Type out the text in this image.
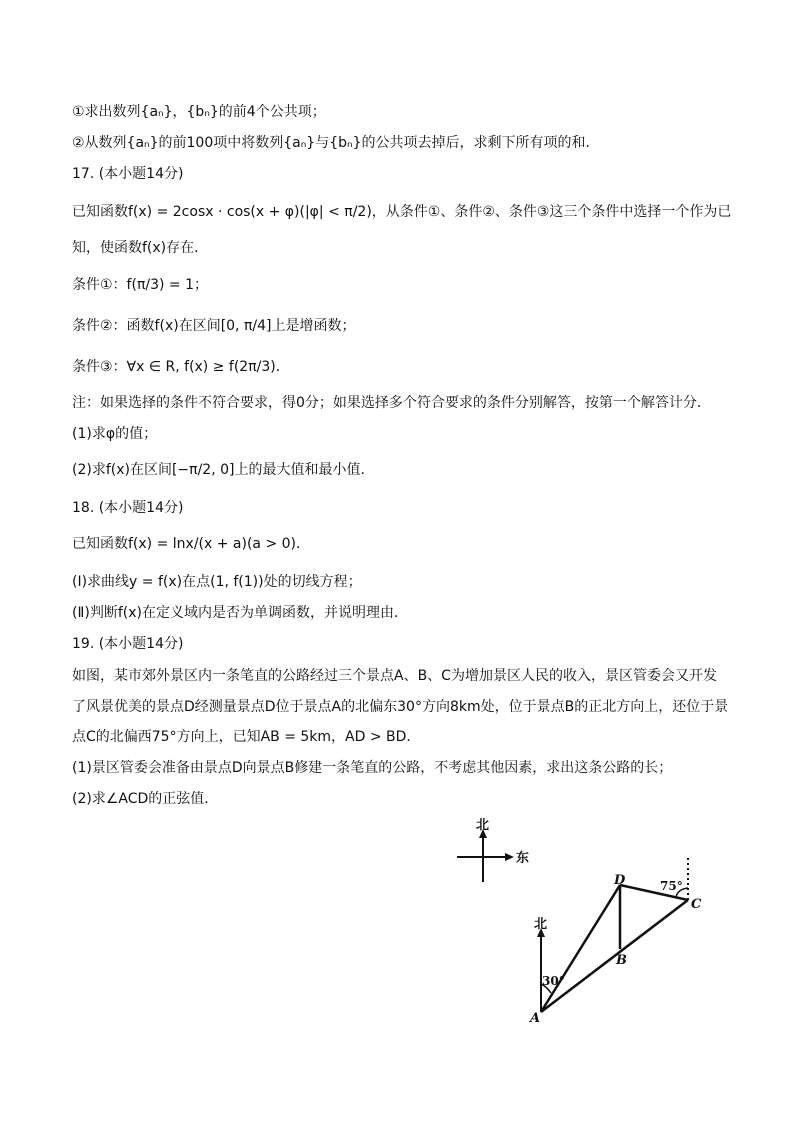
①求出数列{aₙ}，{bₙ}的前4个公共项；
②从数列{aₙ}的前100项中将数列{aₙ}与{bₙ}的公共项去掉后，求剩下所有项的和．
17. (本小题14分)
已知函数f(x) = 2cosx · cos(x + φ)(|φ| < π/2)，从条件①、条件②、条件③这三个条件中选择一个作为已
知，使函数f(x)存在．
条件①：f(π/3) = 1；
条件②：函数f(x)在区间[0, π/4]上是增函数；
条件③：∀x ∈ R, f(x) ≥ f(2π/3)．
注：如果选择的条件不符合要求，得0分；如果选择多个符合要求的条件分别解答，按第一个解答计分．
(1)求φ的值；
(2)求f(x)在区间[−π/2, 0]上的最大值和最小值．
18. (本小题14分)
已知函数f(x) = lnx/(x + a)(a > 0)．
(Ⅰ)求曲线y = f(x)在点(1, f(1))处的切线方程；
(Ⅱ)判断f(x)在定义域内是否为单调函数，并说明理由．
19. (本小题14分)
如图，某市郊外景区内一条笔直的公路经过三个景点A、B、C为增加景区人民的收入，景区管委会又开发
了风景优美的景点D经测量景点D位于景点A的北偏东30°方向8km处，位于景点B的正北方向上，还位于景
点C的北偏西75°方向上，已知AB = 5km，AD > BD．
(1)景区管委会准备由景点D向景点B修建一条笔直的公路，不考虑其他因素，求出这条公路的长；
(2)求∠ACD的正弦值．
北
东
北
30°
75°
A
B
C
D
